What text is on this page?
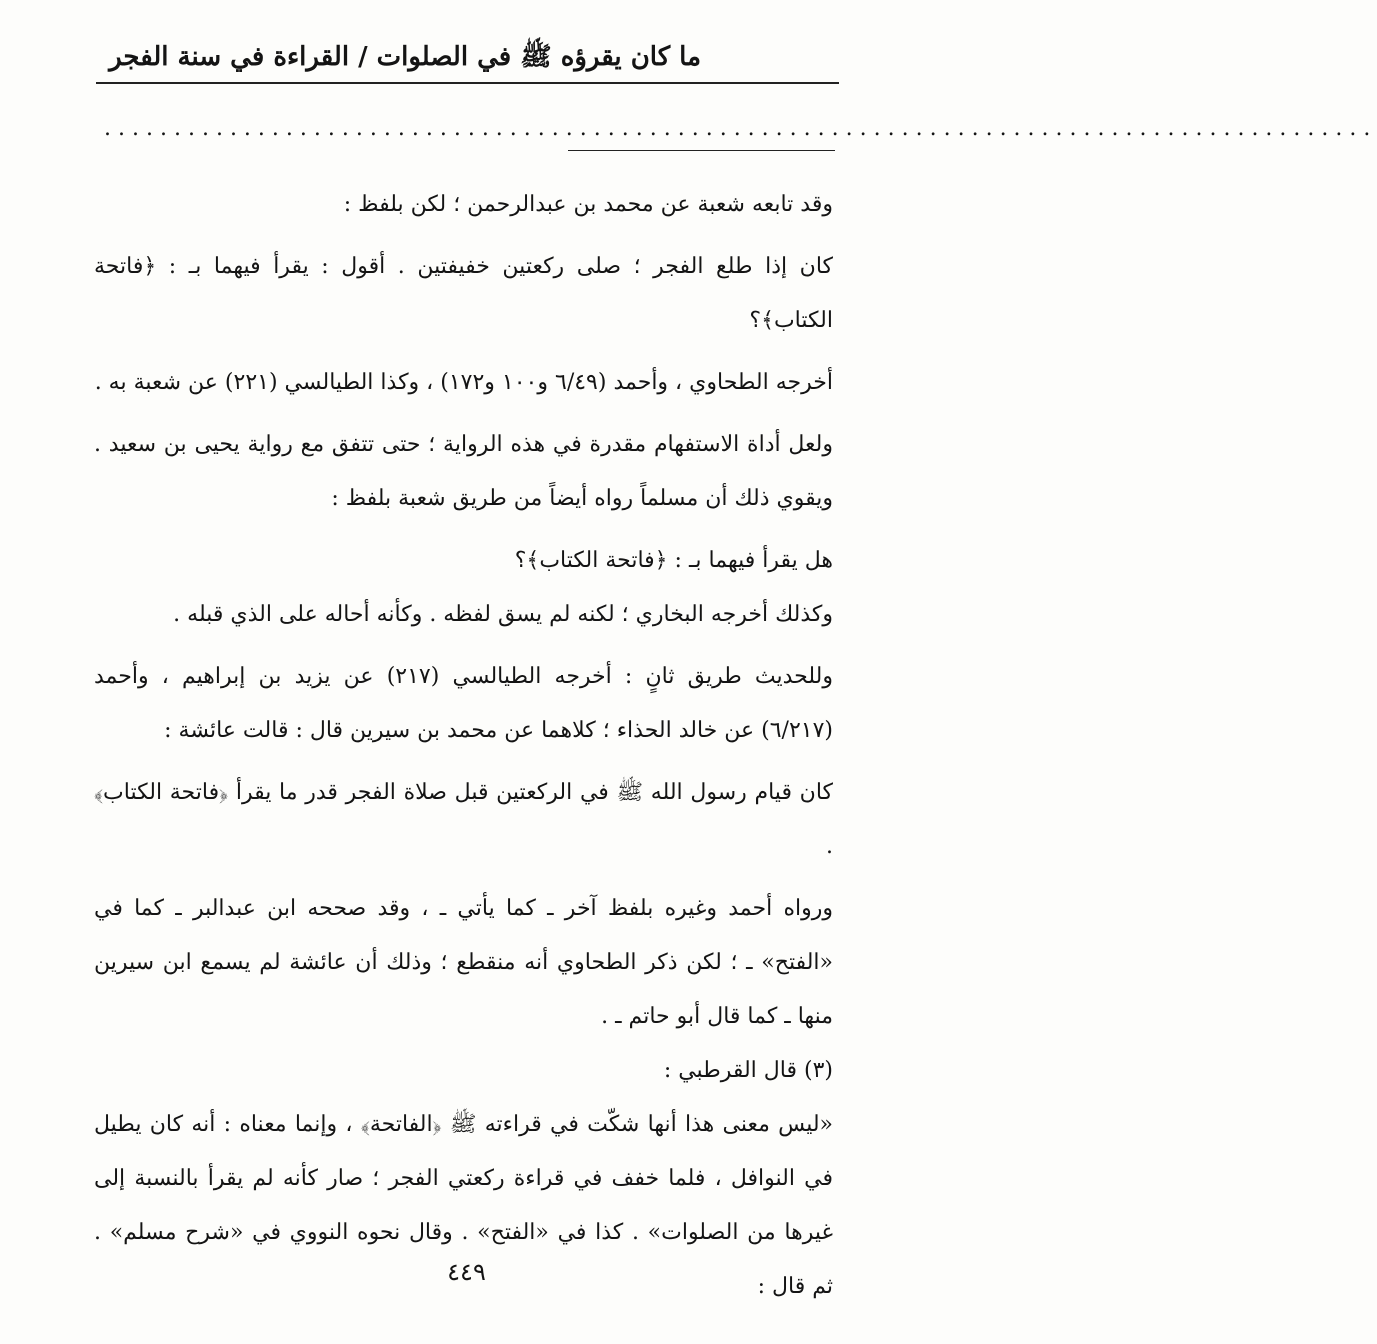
ما كان يقرؤه ﷺ في الصلوات / القراءة في سنة الفجر
...........................................................................................

وقد تابعه شعبة عن محمد بن عبدالرحمن ؛ لكن بلفظ :

كان إذا طلع الفجر ؛ صلى ركعتين خفيفتين . أقول : يقرأ فيهما بـ : ﴿فاتحة الكتاب﴾؟

أخرجه الطحاوي ، وأحمد (٦/٤٩ و١٠٠ و١٧٢) ، وكذا الطيالسي (٢٢١) عن شعبة به .

ولعل أداة الاستفهام مقدرة في هذه الرواية ؛ حتى تتفق مع رواية يحيى بن سعيد . ويقوي ذلك أن مسلماً رواه أيضاً من طريق شعبة بلفظ :

هل يقرأ فيهما بـ : ﴿فاتحة الكتاب﴾؟

وكذلك أخرجه البخاري ؛ لكنه لم يسق لفظه . وكأنه أحاله على الذي قبله .

وللحديث طريق ثانٍ : أخرجه الطيالسي (٢١٧) عن يزيد بن إبراهيم ، وأحمد (٦/٢١٧) عن خالد الحذاء ؛ كلاهما عن محمد بن سيرين قال : قالت عائشة :

كان قيام رسول الله ﷺ في الركعتين قبل صلاة الفجر قدر ما يقرأ ﴿فاتحة الكتاب﴾ .

ورواه أحمد وغيره بلفظ آخر ـ كما يأتي ـ ، وقد صححه ابن عبدالبر ـ كما في «الفتح» ـ ؛ لكن ذكر الطحاوي أنه منقطع ؛ وذلك أن عائشة لم يسمع ابن سيرين منها ـ كما قال أبو حاتم ـ .

(٣) قال القرطبي :

«ليس معنى هذا أنها شكّت في قراءته ﷺ ﴿الفاتحة﴾ ، وإنما معناه : أنه كان يطيل في النوافل ، فلما خفف في قراءة ركعتي الفجر ؛ صار كأنه لم يقرأ بالنسبة إلى غيرها من الصلوات» . كذا في «الفتح» . وقال نحوه النووي في «شرح مسلم» . ثم قال :

٤٤٩
